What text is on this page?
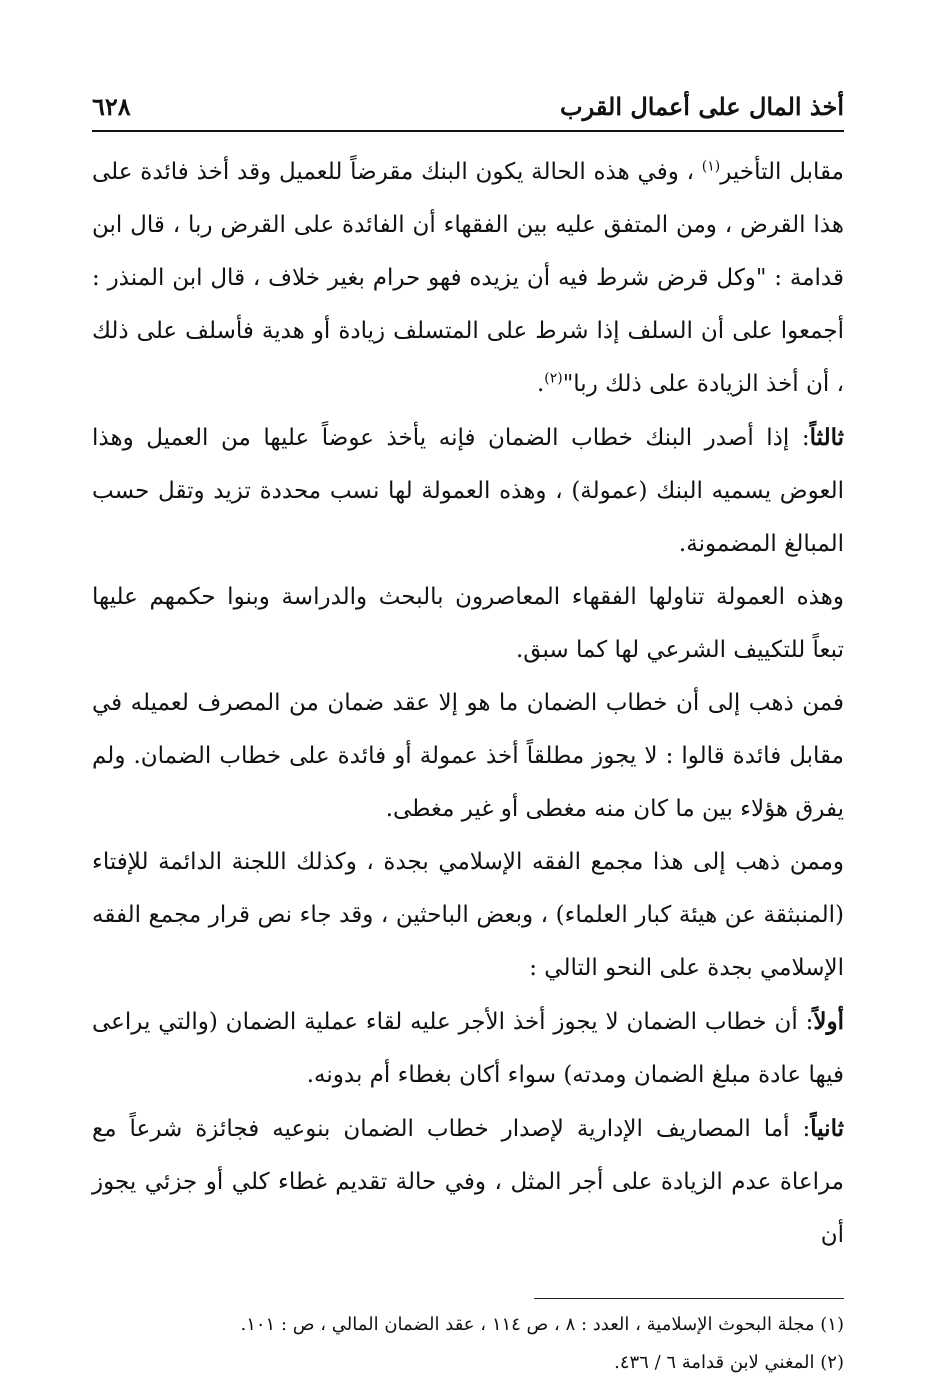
أخذ المال على أعمال القرب
٦٢٨

مقابل التأخير$^{(١)}$ ، وفي هذه الحالة يكون البنك مقرضاً للعميل وقد أخذ فائدة على هذا القرض ، ومن المتفق عليه بين الفقهاء أن الفائدة على القرض ربا ، قال ابن قدامة : "وكل قرض شرط فيه أن يزيده فهو حرام بغير خلاف ، قال ابن المنذر : أجمعوا على أن السلف إذا شرط على المتسلف زيادة أو هدية فأسلف على ذلك ، أن أخذ الزيادة على ذلك ربا"$^{(٢)}$.

ثالثاً: إذا أصدر البنك خطاب الضمان فإنه يأخذ عوضاً عليها من العميل وهذا العوض يسميه البنك (عمولة) ، وهذه العمولة لها نسب محددة تزيد وتقل حسب المبالغ المضمونة.

وهذه العمولة تناولها الفقهاء المعاصرون بالبحث والدراسة وبنوا حكمهم عليها تبعاً للتكييف الشرعي لها كما سبق.

فمن ذهب إلى أن خطاب الضمان ما هو إلا عقد ضمان من المصرف لعميله في مقابل فائدة قالوا : لا يجوز مطلقاً أخذ عمولة أو فائدة على خطاب الضمان. ولم يفرق هؤلاء بين ما كان منه مغطى أو غير مغطى.

وممن ذهب إلى هذا مجمع الفقه الإسلامي بجدة ، وكذلك اللجنة الدائمة للإفتاء (المنبثقة عن هيئة كبار العلماء) ، وبعض الباحثين ، وقد جاء نص قرار مجمع الفقه الإسلامي بجدة على النحو التالي :

أولاً: أن خطاب الضمان لا يجوز أخذ الأجر عليه لقاء عملية الضمان (والتي يراعى فيها عادة مبلغ الضمان ومدته) سواء أكان بغطاء أم بدونه.

ثانياً: أما المصاريف الإدارية لإصدار خطاب الضمان بنوعيه فجائزة شرعاً مع مراعاة عدم الزيادة على أجر المثل ، وفي حالة تقديم غطاء كلي أو جزئي يجوز أن

(١) مجلة البحوث الإسلامية ، العدد : ٨ ، ص ١١٤ ، عقد الضمان المالي ، ص : ١٠١.

(٢) المغني لابن قدامة ٦ / ٤٣٦.
